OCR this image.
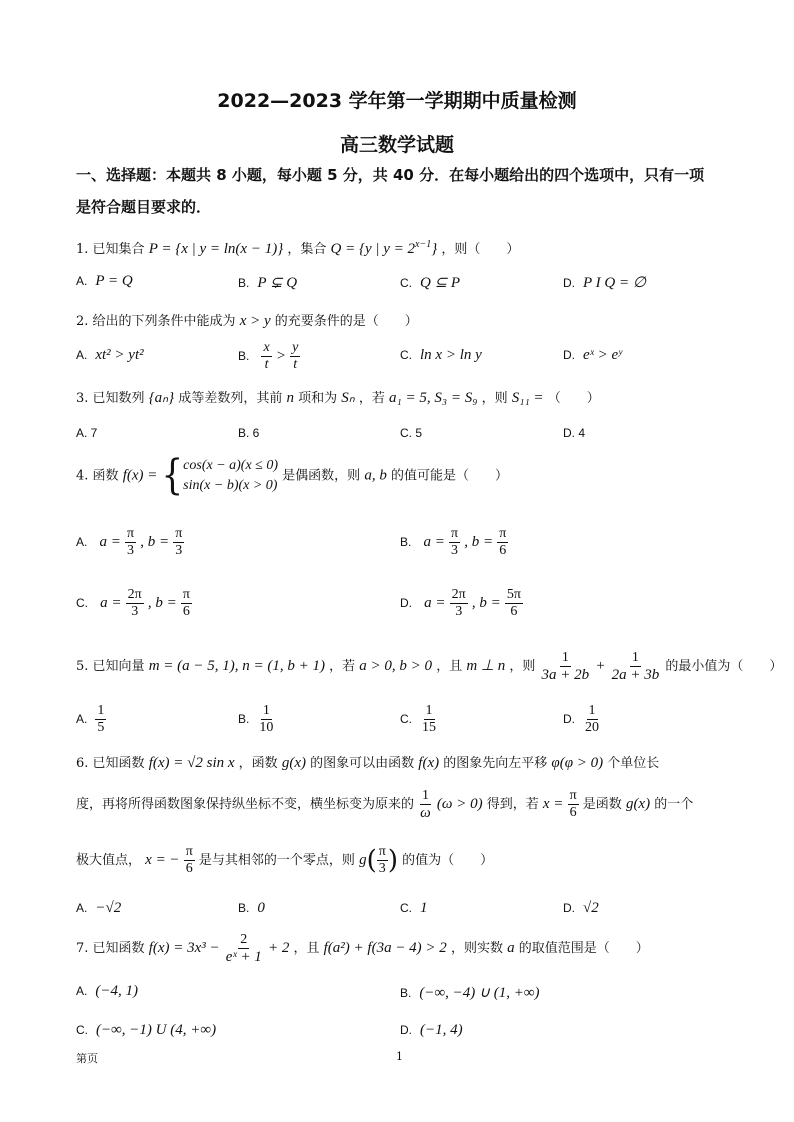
2022—2023 学年第一学期期中质量检测
高三数学试题
一、选择题：本题共 8 小题，每小题 5 分，共 40 分．在每小题给出的四个选项中，只有一项
是符合题目要求的．
1. 已知集合 P = {x | y = ln(x − 1)} ，集合 Q = {y | $y = 2^{x-1}$} ，则（　　）
A. P = Q	B. P ⊊ Q	C. Q ⊆ P	D. P I Q = ∅
2. 给出的下列条件中能成为 x > y 的充要条件的是（　　）
A. xt² > yt²	B. $\frac{x}{t} > \frac{y}{t}$	C. ln x > ln y	D. eˣ > eʸ
3. 已知数列 {aₙ} 成等差数列，其前 n 项和为 Sₙ ，若 a₁ = 5, S₃ = S₉ ，则 S₁₁ = （　　）
A. 7	B. 6	C. 5	D. 4
4. 函数 f(x) = { cos(x − a)(x ≤ 0)
sin(x − b)(x > 0)
是偶函数，则 a, b 的值可能是（　　）
A. $a = \frac{\pi}{3}$ , $b = \frac{\pi}{3}$	B. $a = \frac{\pi}{3}$ , $b = \frac{\pi}{6}$
C. $a = \frac{2\pi}{3}$ , $b = \frac{\pi}{6}$	D. $a = \frac{2\pi}{3}$ , $b = \frac{5\pi}{6}$
5. 已知向量 m = (a − 5, 1), n = (1, b + 1) ，若 a > 0, b > 0 ，且 m ⊥ n ，则 $\frac{1}{3a + 2b} + \frac{1}{2a + 3b}$ 的最小值为（　　）
A. $\frac{1}{5}$	B. $\frac{1}{10}$	C. $\frac{1}{15}$	D. $\frac{1}{20}$
6. 已知函数 f(x) = √2 sin x ，函数 g(x) 的图象可以由函数 f(x) 的图象先向左平移 φ(φ > 0) 个单位长
度，再将所得函数图象保持纵坐标不变，横坐标变为原来的 $\frac{1}{\omega} (\omega > 0)$ 得到，若 $x = \frac{\pi}{6}$ 是函数 g(x) 的一个
极大值点， x = − $\frac{\pi}{6}$ 是与其相邻的一个零点，则 $g( \frac{\pi}{3}$ ) 的值为（　　）
A. −√2	B. 0	C. 1	D. √2
7. 已知函数 $f(x) = 3x^3 - \frac{2}{\text{eˣ + 1}} + 2$ ，且 f(a²) + f(3a − 4) > 2 ，则实数 a 的取值范围是（　　）
A. (−4, 1)	B. (−∞, −4) ∪ (1, +∞)
C. (−∞, −1) U (4, +∞)	D. (−1, 4)
第页	1
